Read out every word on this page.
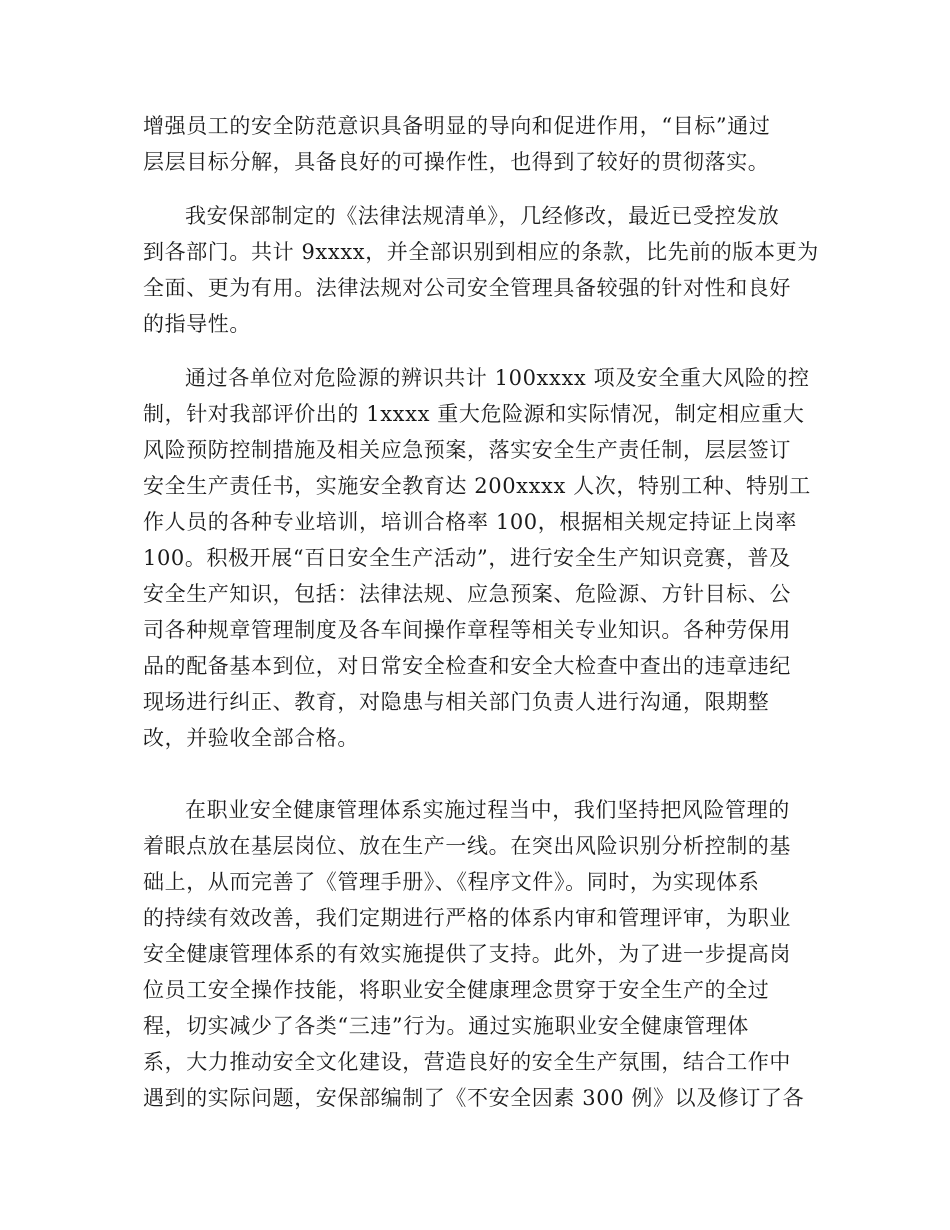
增强员工的安全防范意识具备明显的导向和促进作用，“目标”通过
层层目标分解，具备良好的可操作性，也得到了较好的贯彻落实。
我安保部制定的《法律法规清单》，几经修改，最近已受控发放
到各部门。共计 9xxxx，并全部识别到相应的条款，比先前的版本更为
全面、更为有用。法律法规对公司安全管理具备较强的针对性和良好
的指导性。
通过各单位对危险源的辨识共计 100xxxx 项及安全重大风险的控
制，针对我部评价出的 1xxxx 重大危险源和实际情况，制定相应重大
风险预防控制措施及相关应急预案，落实安全生产责任制，层层签订
安全生产责任书，实施安全教育达 200xxxx 人次，特别工种、特别工
作人员的各种专业培训，培训合格率 100，根据相关规定持证上岗率
100。积极开展“百日安全生产活动”，进行安全生产知识竞赛，普及
安全生产知识，包括：法律法规、应急预案、危险源、方针目标、公
司各种规章管理制度及各车间操作章程等相关专业知识。各种劳保用
品的配备基本到位，对日常安全检查和安全大检查中查出的违章违纪
现场进行纠正、教育，对隐患与相关部门负责人进行沟通，限期整
改，并验收全部合格。
在职业安全健康管理体系实施过程当中，我们坚持把风险管理的
着眼点放在基层岗位、放在生产一线。在突出风险识别分析控制的基
础上，从而完善了《管理手册》、《程序文件》。同时，为实现体系
的持续有效改善，我们定期进行严格的体系内审和管理评审，为职业
安全健康管理体系的有效实施提供了支持。此外，为了进一步提高岗
位员工安全操作技能，将职业安全健康理念贯穿于安全生产的全过
程，切实减少了各类“三违”行为。通过实施职业安全健康管理体
系，大力推动安全文化建设，营造良好的安全生产氛围，结合工作中
遇到的实际问题，安保部编制了《不安全因素 300 例》以及修订了各
